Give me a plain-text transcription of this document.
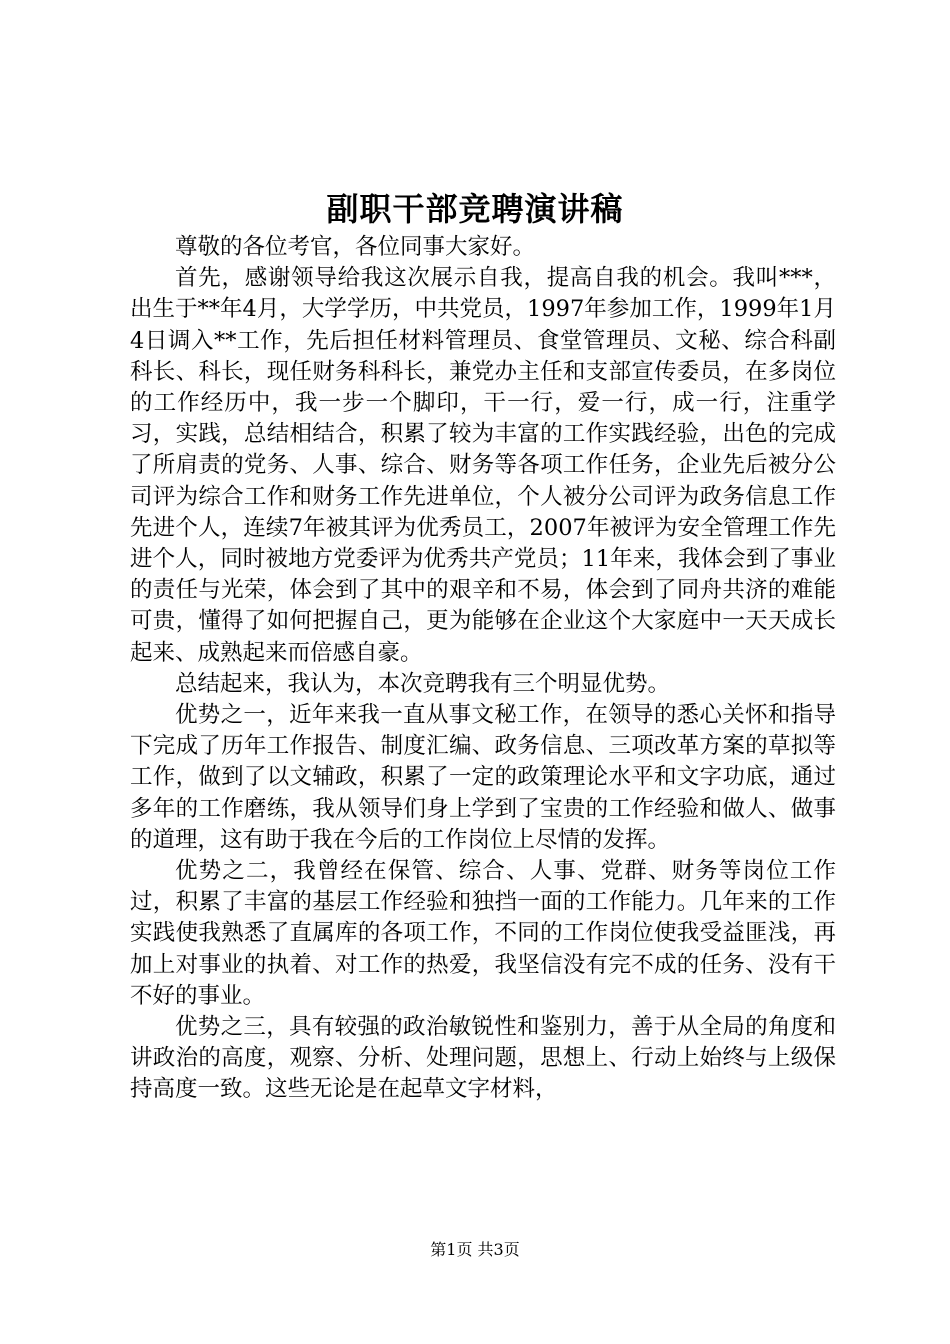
副职干部竞聘演讲稿

尊敬的各位考官，各位同事大家好。

首先，感谢领导给我这次展示自我，提高自我的机会。我叫***，出生于**年4月，大学学历，中共党员，1997年参加工作，1999年1月4日调入**工作，先后担任材料管理员、食堂管理员、文秘、综合科副科长、科长，现任财务科科长，兼党办主任和支部宣传委员，在多岗位的工作经历中，我一步一个脚印，干一行，爱一行，成一行，注重学习，实践，总结相结合，积累了较为丰富的工作实践经验，出色的完成了所肩责的党务、人事、综合、财务等各项工作任务，企业先后被分公司评为综合工作和财务工作先进单位，个人被分公司评为政务信息工作先进个人，连续7年被其评为优秀员工，2007年被评为安全管理工作先进个人，同时被地方党委评为优秀共产党员；11年来，我体会到了事业的责任与光荣，体会到了其中的艰辛和不易，体会到了同舟共济的难能可贵，懂得了如何把握自己，更为能够在企业这个大家庭中一天天成长起来、成熟起来而倍感自豪。

总结起来，我认为，本次竞聘我有三个明显优势。

优势之一，近年来我一直从事文秘工作，在领导的悉心关怀和指导下完成了历年工作报告、制度汇编、政务信息、三项改革方案的草拟等工作，做到了以文辅政，积累了一定的政策理论水平和文字功底，通过多年的工作磨练，我从领导们身上学到了宝贵的工作经验和做人、做事的道理，这有助于我在今后的工作岗位上尽情的发挥。

优势之二，我曾经在保管、综合、人事、党群、财务等岗位工作过，积累了丰富的基层工作经验和独挡一面的工作能力。几年来的工作实践使我熟悉了直属库的各项工作，不同的工作岗位使我受益匪浅，再加上对事业的执着、对工作的热爱，我坚信没有完不成的任务、没有干不好的事业。

优势之三，具有较强的政治敏锐性和鉴别力，善于从全局的角度和讲政治的高度，观察、分析、处理问题，思想上、行动上始终与上级保持高度一致。这些无论是在起草文字材料，

第1页 共3页
